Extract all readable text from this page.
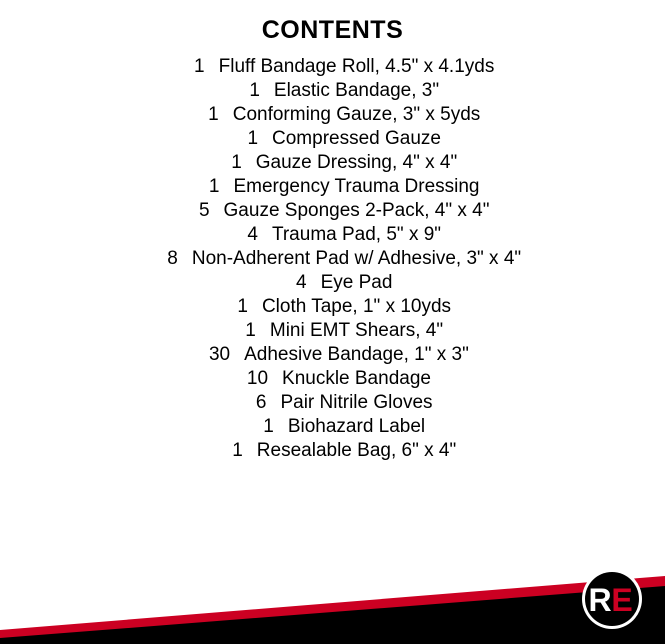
CONTENTS
1 Fluff Bandage Roll, 4.5" x 4.1yds
1 Elastic Bandage, 3"
1 Conforming Gauze, 3" x 5yds
1 Compressed Gauze
1 Gauze Dressing, 4" x 4"
1 Emergency Trauma Dressing
5 Gauze Sponges 2-Pack, 4" x 4"
4 Trauma Pad, 5" x 9"
8 Non-Adherent Pad w/ Adhesive, 3" x 4"
4 Eye Pad
1 Cloth Tape, 1" x 10yds
1 Mini EMT Shears, 4"
30 Adhesive Bandage, 1" x 3"
10 Knuckle Bandage
6 Pair Nitrile Gloves
1 Biohazard Label
1 Resealable Bag, 6" x 4"
R E
